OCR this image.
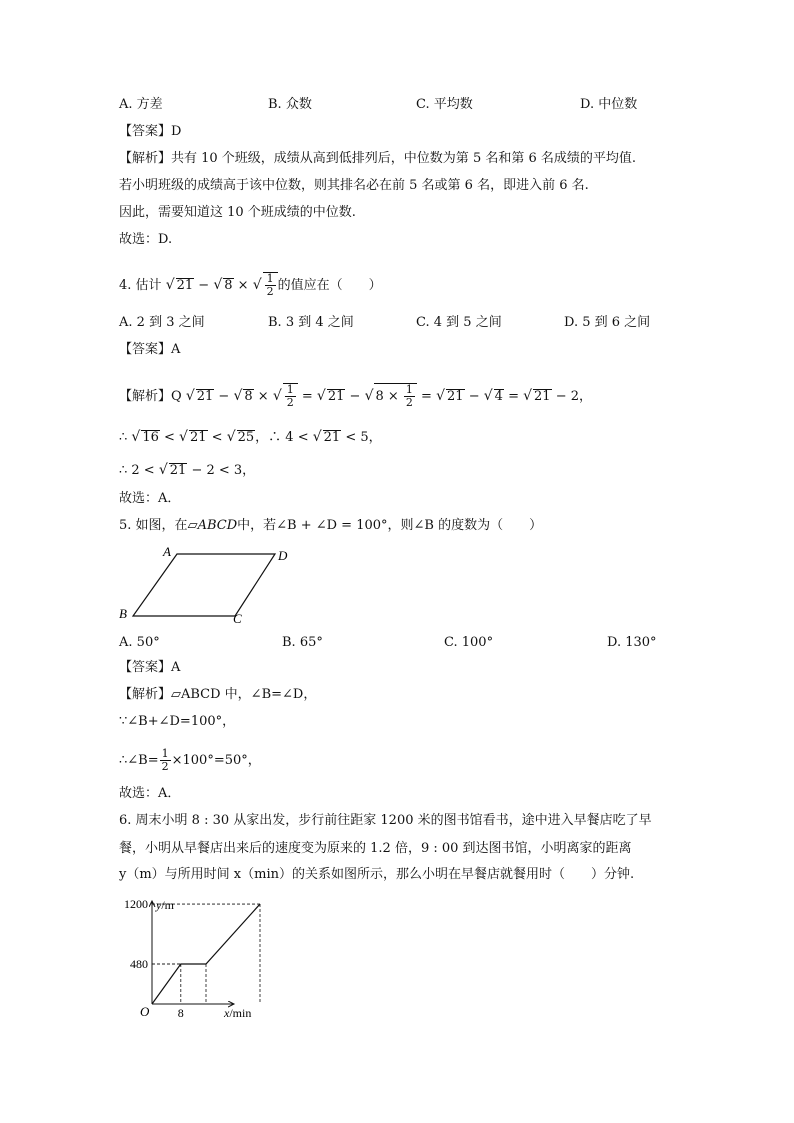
A. 方差	B. 众数	C. 平均数	D. 中位数
【答案】D
【解析】共有 10 个班级，成绩从高到低排列后，中位数为第 5 名和第 6 名成绩的平均值.
若小明班级的成绩高于该中位数，则其排名必在前 5 名或第 6 名，即进入前 6 名.
因此，需要知道这 10 个班成绩的中位数.
故选：D.
4. 估计 √ 21 − √ 8 × √ $\frac{1}{2}$ 的值应在（　　）
A. 2 到 3 之间	B. 3 到 4 之间	C. 4 到 5 之间	D. 5 到 6 之间
【答案】A
【解析】Q √ 21 − √ 8 × √ $\frac{1}{2}$ = √ 21 − √ $8 \times \frac{1}{2}$ = √ 21 − √ 4 = √ 21 − 2，
∴ √ 16 < √ 21 < √ 25，∴ 4 < √ 21 < 5，
∴ 2 < √ 21 − 2 < 3，
故选：A．
5. 如图，在▱ABCD中，若∠B + ∠D = 100°，则∠B 的度数为（　　）
A	D
B	C
A. 50°	B. 65°	C. 100°	D. 130°
【答案】A
【解析】▱ABCD 中，∠B=∠D，
∵∠B+∠D=100°，
∴∠B= $\frac{1}{2} \times 100^\circ=50^\circ$，
故选：A．
6. 周末小明 8 : 30 从家出发，步行前往距家 1200 米的图书馆看书，途中进入早餐店吃了早
餐，小明从早餐店出来后的速度变为原来的 1.2 倍，9 : 00 到达图书馆，小明离家的距离
y（m）与所用时间 x（min）的关系如图所示，那么小明在早餐店就餐用时（　　）分钟.
480
1200
8
O
y/m
x/min
